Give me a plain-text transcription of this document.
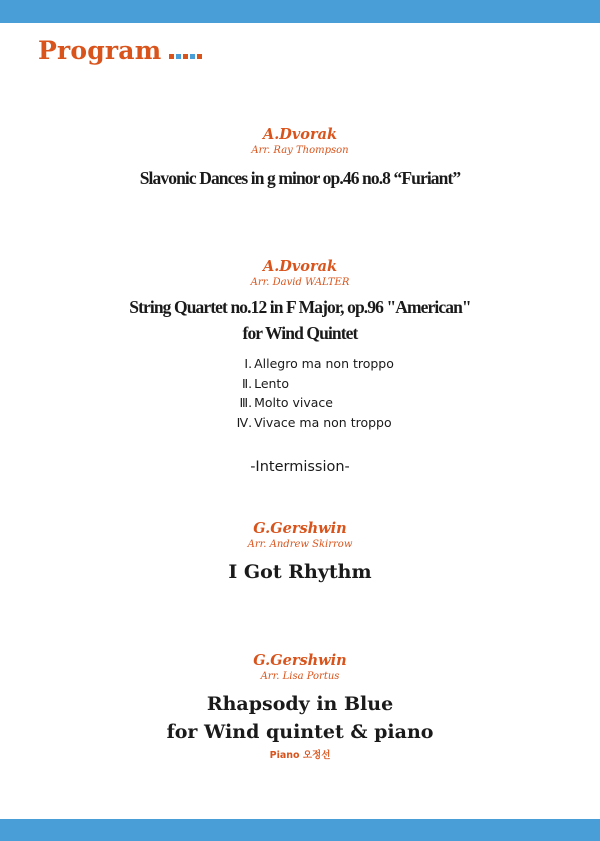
Program
A.Dvorak
Arr. Ray Thompson
Slavonic Dances in g minor op.46 no.8 “Furiant”
A.Dvorak
Arr. David WALTER
String Quartet no.12 in F Major, op.96 "American"
for Wind Quintet
Ⅰ. Allegro ma non troppo
Ⅱ. Lento
Ⅲ. Molto vivace
Ⅳ. Vivace ma non troppo
-Intermission-
G.Gershwin
Arr. Andrew Skirrow
I Got Rhythm
G.Gershwin
Arr. Lisa Portus
Rhapsody in Blue
for Wind quintet & piano
Piano 오정선
